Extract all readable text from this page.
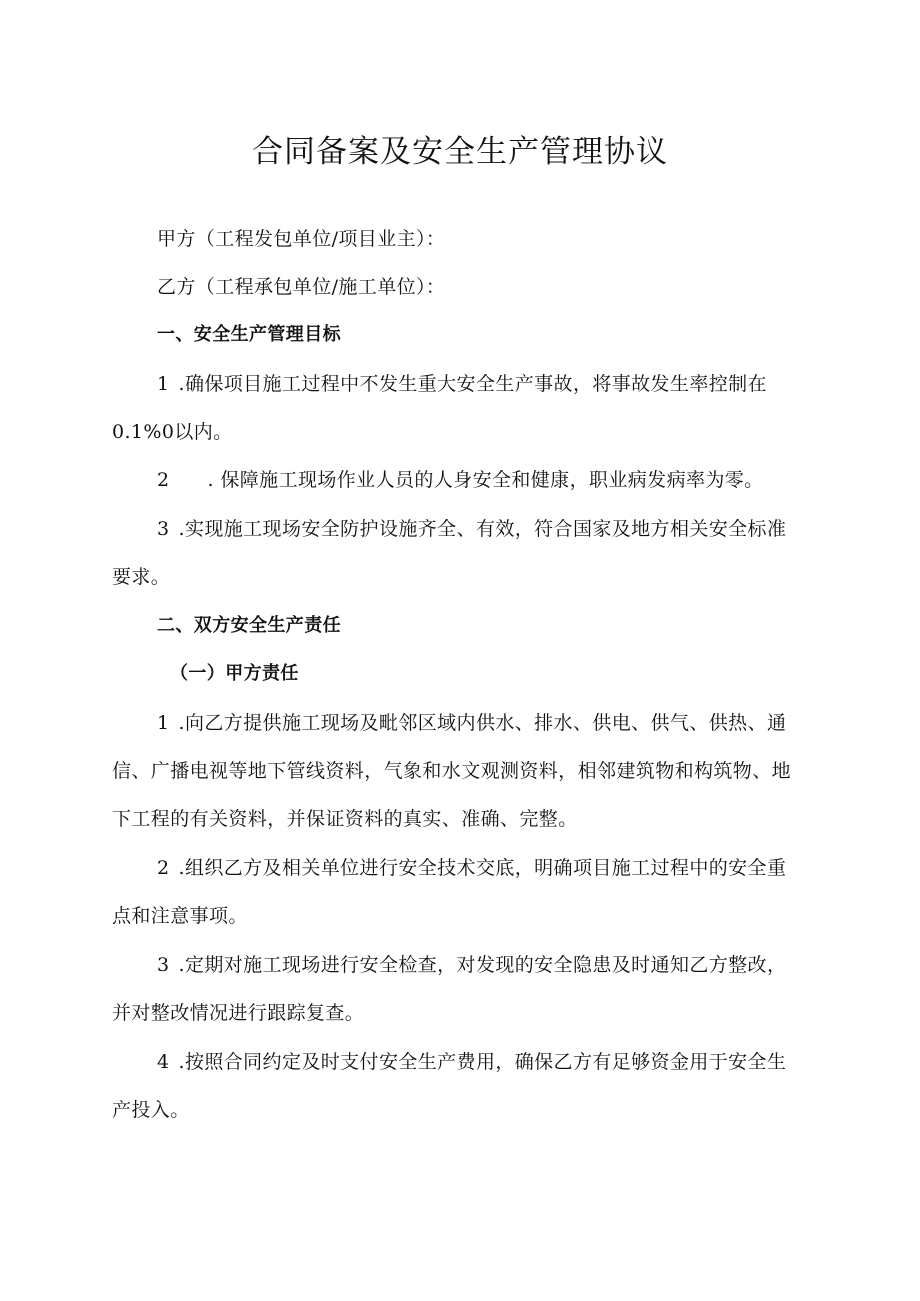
合同备案及安全生产管理协议
甲方（工程发包单位/项目业主）：
乙方（工程承包单位/施工单位）：
一、安全生产管理目标
1 .确保项目施工过程中不发生重大安全生产事故，将事故发生率控制在
0.1%0以内。
2 . 保障施工现场作业人员的人身安全和健康，职业病发病率为零。
3 .实现施工现场安全防护设施齐全、有效，符合国家及地方相关安全标准
要求。
二、双方安全生产责任
（一）甲方责任
1 .向乙方提供施工现场及毗邻区域内供水、排水、供电、供气、供热、通
信、广播电视等地下管线资料，气象和水文观测资料，相邻建筑物和构筑物、地
下工程的有关资料，并保证资料的真实、准确、完整。
2 .组织乙方及相关单位进行安全技术交底，明确项目施工过程中的安全重
点和注意事项。
3 .定期对施工现场进行安全检查，对发现的安全隐患及时通知乙方整改，
并对整改情况进行跟踪复查。
4 .按照合同约定及时支付安全生产费用，确保乙方有足够资金用于安全生
产投入。
